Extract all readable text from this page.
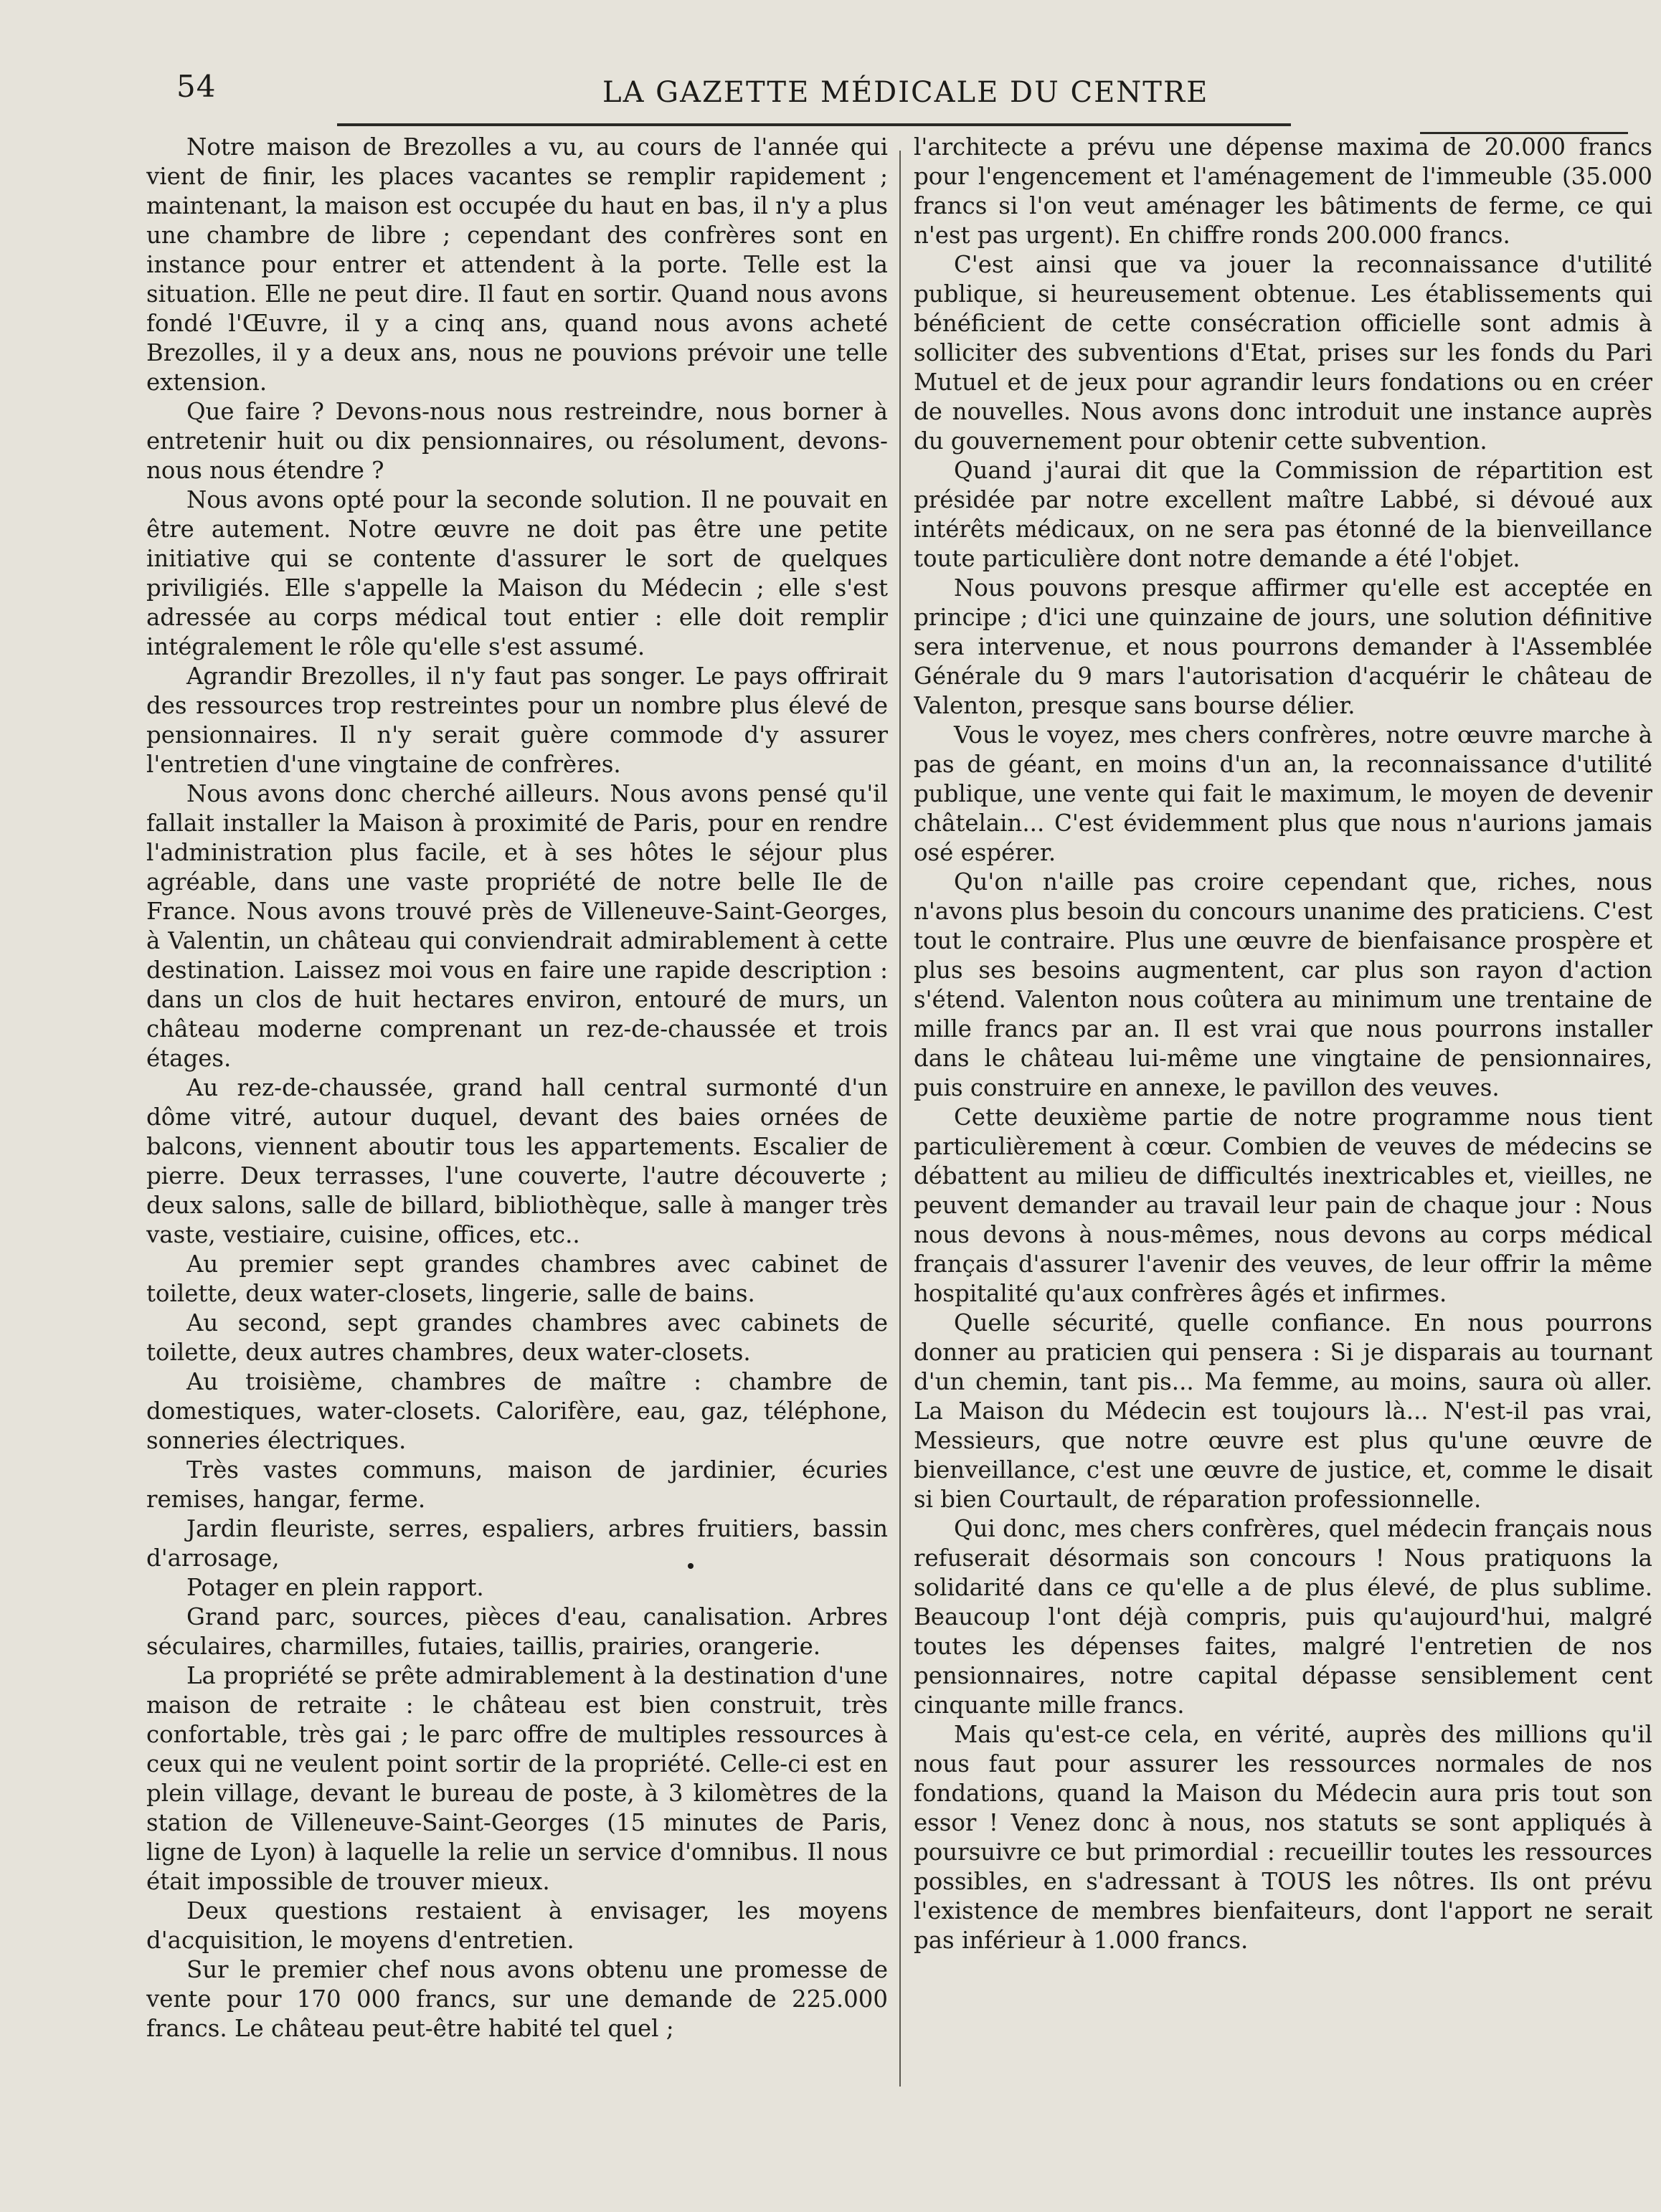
54	LA GAZETTE MÉDICALE DU CENTRE

Notre maison de Brezolles a vu, au cours de l'année qui vient de finir, les places vacantes se remplir rapidement ; maintenant, la maison est occupée du haut en bas, il n'y a plus une chambre de libre ; cependant des confrères sont en instance pour entrer et attendent à la porte. Telle est la situation. Elle ne peut dire. Il faut en sortir. Quand nous avons fondé l'Œuvre, il y a cinq ans, quand nous avons acheté Brezolles, il y a deux ans, nous ne pouvions prévoir une telle extension.

Que faire ? Devons-nous nous restreindre, nous borner à entretenir huit ou dix pensionnaires, ou résolument, devons-nous nous étendre ?

Nous avons opté pour la seconde solution. Il ne pouvait en être autement. Notre œuvre ne doit pas être une petite initiative qui se contente d'assurer le sort de quelques priviligiés. Elle s'appelle la Maison du Médecin ; elle s'est adressée au corps médical tout entier : elle doit remplir intégralement le rôle qu'elle s'est assumé.

Agrandir Brezolles, il n'y faut pas songer. Le pays offrirait des ressources trop restreintes pour un nombre plus élevé de pensionnaires. Il n'y serait guère commode d'y assurer l'entretien d'une vingtaine de confrères.

Nous avons donc cherché ailleurs. Nous avons pensé qu'il fallait installer la Maison à proximité de Paris, pour en rendre l'administration plus facile, et à ses hôtes le séjour plus agréable, dans une vaste propriété de notre belle Ile de France. Nous avons trouvé près de Villeneuve-Saint-Georges, à Valentin, un château qui conviendrait admirablement à cette destination. Laissez moi vous en faire une rapide description : dans un clos de huit hectares environ, entouré de murs, un château moderne comprenant un rez-de-chaussée et trois étages.

Au rez-de-chaussée, grand hall central surmonté d'un dôme vitré, autour duquel, devant des baies ornées de balcons, viennent aboutir tous les appartements. Escalier de pierre. Deux terrasses, l'une couverte, l'autre découverte ; deux salons, salle de billard, bibliothèque, salle à manger très vaste, vestiaire, cuisine, offices, etc..

Au premier sept grandes chambres avec cabinet de toilette, deux water-closets, lingerie, salle de bains.

Au second, sept grandes chambres avec cabinets de toilette, deux autres chambres, deux water-closets.

Au troisième, chambres de maître : chambre de domestiques, water-closets. Calorifère, eau, gaz, téléphone, sonneries électriques.

Très vastes communs, maison de jardinier, écuries remises, hangar, ferme.

Jardin fleuriste, serres, espaliers, arbres fruitiers, bassin d'arrosage,

Potager en plein rapport.

Grand parc, sources, pièces d'eau, canalisation. Arbres séculaires, charmilles, futaies, taillis, prairies, orangerie.

La propriété se prête admirablement à la destination d'une maison de retraite : le château est bien construit, très confortable, très gai ; le parc offre de multiples ressources à ceux qui ne veulent point sortir de la propriété. Celle-ci est en plein village, devant le bureau de poste, à 3 kilomètres de la station de Villeneuve-Saint-Georges (15 minutes de Paris, ligne de Lyon) à laquelle la relie un service d'omnibus. Il nous était impossible de trouver mieux.

Deux questions restaient à envisager, les moyens d'acquisition, le moyens d'entretien.

Sur le premier chef nous avons obtenu une promesse de vente pour 170 000 francs, sur une demande de 225.000 francs. Le château peut-être habité tel quel ;

l'architecte a prévu une dépense maxima de 20.000 francs pour l'engencement et l'aménagement de l'immeuble (35.000 francs si l'on veut aménager les bâtiments de ferme, ce qui n'est pas urgent). En chiffre ronds 200.000 francs.

C'est ainsi que va jouer la reconnaissance d'utilité publique, si heureusement obtenue. Les établissements qui bénéficient de cette consécration officielle sont admis à solliciter des subventions d'Etat, prises sur les fonds du Pari Mutuel et de jeux pour agrandir leurs fondations ou en créer de nouvelles. Nous avons donc introduit une instance auprès du gouvernement pour obtenir cette subvention.

Quand j'aurai dit que la Commission de répartition est présidée par notre excellent maître Labbé, si dévoué aux intérêts médicaux, on ne sera pas étonné de la bienveillance toute particulière dont notre demande a été l'objet.

Nous pouvons presque affirmer qu'elle est acceptée en principe ; d'ici une quinzaine de jours, une solution définitive sera intervenue, et nous pourrons demander à l'Assemblée Générale du 9 mars l'autorisation d'acquérir le château de Valenton, presque sans bourse délier.

Vous le voyez, mes chers confrères, notre œuvre marche à pas de géant, en moins d'un an, la reconnaissance d'utilité publique, une vente qui fait le maximum, le moyen de devenir châtelain... C'est évidemment plus que nous n'aurions jamais osé espérer.

Qu'on n'aille pas croire cependant que, riches, nous n'avons plus besoin du concours unanime des praticiens. C'est tout le contraire. Plus une œuvre de bienfaisance prospère et plus ses besoins augmentent, car plus son rayon d'action s'étend. Valenton nous coûtera au minimum une trentaine de mille francs par an. Il est vrai que nous pourrons installer dans le château lui-même une vingtaine de pensionnaires, puis construire en annexe, le pavillon des veuves.

Cette deuxième partie de notre programme nous tient particulièrement à cœur. Combien de veuves de médecins se débattent au milieu de difficultés inextricables et, vieilles, ne peuvent demander au travail leur pain de chaque jour : Nous nous devons à nous-mêmes, nous devons au corps médical français d'assurer l'avenir des veuves, de leur offrir la même hospitalité qu'aux confrères âgés et infirmes.

Quelle sécurité, quelle confiance. En nous pourrons donner au praticien qui pensera : Si je disparais au tournant d'un chemin, tant pis... Ma femme, au moins, saura où aller. La Maison du Médecin est toujours là... N'est-il pas vrai, Messieurs, que notre œuvre est plus qu'une œuvre de bienveillance, c'est une œuvre de justice, et, comme le disait si bien Courtault, de réparation professionnelle.

Qui donc, mes chers confrères, quel médecin français nous refuserait désormais son concours ! Nous pratiquons la solidarité dans ce qu'elle a de plus élevé, de plus sublime. Beaucoup l'ont déjà compris, puis qu'aujourd'hui, malgré toutes les dépenses faites, malgré l'entretien de nos pensionnaires, notre capital dépasse sensiblement cent cinquante mille francs.

Mais qu'est-ce cela, en vérité, auprès des millions qu'il nous faut pour assurer les ressources normales de nos fondations, quand la Maison du Médecin aura pris tout son essor ! Venez donc à nous, nos statuts se sont appliqués à poursuivre ce but primordial : recueillir toutes les ressources possibles, en s'adressant à TOUS les nôtres. Ils ont prévu l'existence de membres bienfaiteurs, dont l'apport ne serait pas inférieur à 1.000 francs.
